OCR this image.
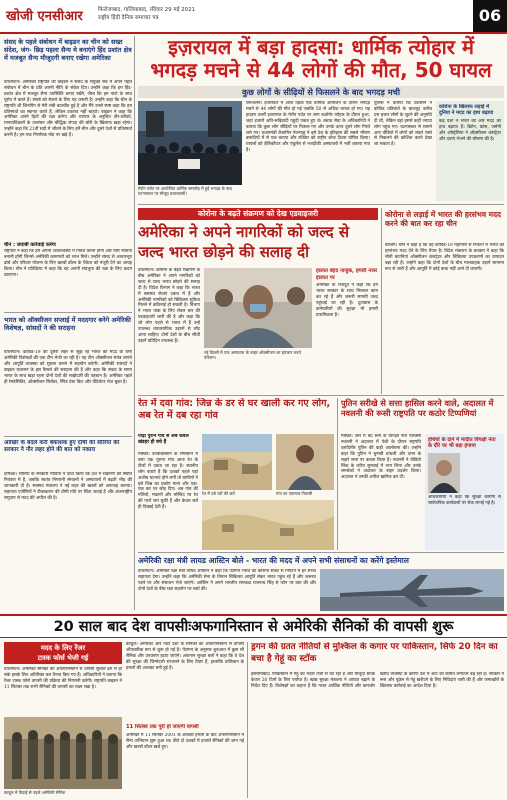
खोजी एनसीआर	फिरोजाबाद, गाजियाबाद, रविवार 29 मई 2021
राष्ट्रीय हिंदी दैनिक समाचार पत्र	06
संसद के पहले संबोधन में बाइडन का चीन को सख्त संदेश, जंग- छिड़ पहला सैन्य मे बनाएंगे हिंद प्रशांत क्षेत्र में मजबूत सैन्य मौजूदगी बनाए रखेगा अमेरिका
वाशिंगटन। अमेरिकी राष्ट्रपति जो बाइडन ने संसद के संयुक्त सत्र में अपने पहले संबोधन में चीन के प्रति अपनी नीति के संकेत दिए। उन्होंने कहा कि हम हिंद-प्रशांत क्षेत्र में मजबूत सैन्य उपस्थिति बनाए रखेंगे, जैसा कि हम नाटो के साथ यूरोप में करते हैं। संघर्ष को रोकने के लिए यह जरूरी है। उन्होंने कहा कि चीन के राष्ट्रपति शी जिनपिंग से मेरी लंबी बातचीत हुई है और मैंने उनसे स्पष्ट कहा कि हम प्रतिस्पर्धा का स्वागत करते हैं, लेकिन टकराव नहीं चाहते। बाइडन ने कहा कि अमेरिका अपने हितों की रक्षा करेगा और व्यापार के अनुचित तौर-तरीकों, मानवाधिकारों के उल्लंघन और बौद्धिक संपदा की चोरी के खिलाफ खड़ा रहेगा। उन्होंने कहा कि 21वीं सदी में जीतने के लिए हमें चीन और दूसरे देशों से प्रतिस्पर्धा करनी है। हम एक निर्णायक मोड़ पर खड़े हैं।
चीन : जवाबी कार्रवाई करेगा
राष्ट्रपति ने कहा कि हमें अपनी अर्थव्यवस्था में निवेश करना होगा और ऐसी नीतियां बनानी होंगी जिनसे अमेरिकी कामगारों को लाभ मिले। उन्होंने संसद से आधारभूत ढांचे और परिवार योजना के लिए खरबों डॉलर के पैकेज को मंजूरी देने का आग्रह किया। चीन ने प्रतिक्रिया में कहा कि वह अपनी संप्रभुता की रक्षा के लिए कदम उठाएगा।
भारत को ऑक्सीजन सप्लाई में मददगार बनेगे अमेरिकी विशेषज्ञ, सांसदों ने की सराहना
वाशिंगटन। कोविड-19 की दूसरी लहर से जूझ रहे भारत की मदद के लिए अमेरिकी विशेषज्ञों की एक टीम भेजी जा रही है। यह टीम ऑक्सीजन संयंत्र लगाने और आपूर्ति व्यवस्था को सुचारु बनाने में सहयोग करेगी। अमेरिकी सांसदों ने बाइडन प्रशासन के इस फैसले की सराहना की है और कहा कि संकट के समय भारत के साथ खड़ा रहना दोनों देशों की साझेदारी की पहचान है। अमेरिका पहले ही रेमडेसिविर, ऑक्सीजन सिलेंडर, रैपिड टेस्ट किट और वेंटिलेटर भेज चुका है।
आखिर के बदले करी बैंकाशक हुए दोषी की सीरिया की सरकार ने नौर लहर होने की बात को नकारा
दमिश्क। सीरिया के सरकारी मीडिया ने दावा किया कि देश में संक्रमण की स्थिति नियंत्रण में है, जबकि स्वतंत्र निगरानी संगठनों ने अस्पतालों में बढ़ती भीड़ की जानकारी दी है। स्वास्थ्य मंत्रालय ने नई लहर की खबरों को अफवाह बताया। सहायता एजेंसियों ने टीकाकरण की धीमी गति पर चिंता जताई है और अंतरराष्ट्रीय समुदाय से मदद की अपील की है।
इज़रायल में बड़ा हादसा: धार्मिक त्योहार में
भगदड़ मचने से 44 लोगों की मौत, 50 घायल
कुछ लोगों के सीढ़ियों से फिसलने के बाद भगदड़ मची
मेरॉन पर्वत पर आयोजित धार्मिक समारोह में हुई भगदड़ के बाद घटनास्थल पर मौजूद बचावकर्मी।
यरूशलम। इजरायल में आज तड़के एक धार्मिक आयोजन के दौरान भगदड़ मचने से 44 लोगों की मौत हो गई जबकि 50 से अधिक घायल हो गए। यह हादसा उत्तरी इजरायल के मेरॉन पर्वत पर लाग बओमेर त्योहार के दौरान हुआ, जहां हजारों अति-रूढ़िवादी यहूदी एकत्र हुए थे। बचाव सेवा के अधिकारियों ने बताया कि कुछ लोग सीढ़ियों पर फिसल गए और उनके ऊपर दूसरे लोग गिरते चले गए। प्रधानमंत्री बेंजामिन नेतन्याहू ने इसे देश के इतिहास की सबसे भीषण त्रासदियों में से एक बताया और रविवार को राष्ट्रीय शोक दिवस घोषित किया। घायलों को हेलिकॉप्टर और एंबुलेंस से नजदीकी अस्पतालों में भर्ती कराया गया है।
पुलिस ने बताया कि प्रशासन ने कोविड प्रतिबंधों के बावजूद करीब दस हजार लोगों के जुटने की अनुमति दी थी, लेकिन वहां इससे कहीं ज्यादा लोग पहुंच गए। घटनास्थल से सामने आए वीडियो में लोगों को संकरे रास्ते से निकलने की कोशिश करते देखा जा सकता है।
कोरोना के खिलाफ लड़ाई में दुनिया ने मदद का हाथ बढ़ाया
कई देशों ने भारत की ओर मदद का हाथ बढ़ाया है। ब्रिटेन, फ्रांस, जर्मनी और ऑस्ट्रेलिया ने ऑक्सीजन कंसंट्रेटर और दवाएं भेजने की घोषणा की है।
कोरोना के बढ़ते संक्रमण को देख एडवाइजरी
अमेरिका ने अपने नागरिकों को जल्द से जल्द भारत छोड़ने की सलाह दी
वाशिंगटन। कोरोना के बढ़ते संक्रमण के बीच अमेरिका ने अपने नागरिकों को जल्द से जल्द भारत छोड़ने की सलाह दी है। विदेश विभाग ने कहा कि भारत में स्वास्थ्य सेवाएं दबाव में हैं और अमेरिकी नागरिकों को चिकित्सा सुविधा मिलने में कठिनाई हो सकती है। विभाग ने भारत यात्रा के लिए लेवल चार की एडवाइजरी जारी की है और कहा कि जो लोग पहले से भारत में हैं उन्हें उपलब्ध व्यावसायिक उड़ानों से लौट आना चाहिए। दोनों देशों के बीच सीधी उड़ानें प्रतिदिन उपलब्ध हैं।
नई दिल्ली में एक अस्पताल के बाहर ऑक्सीजन का इंतजार करते परिजन।
हालात बेहद नाजुक, हमारी नजर हालात पर
अमेरिका के राजदूत ने कहा कि हम भारत सरकार के साथ मिलकर काम कर रहे हैं और जरूरी सामग्री जल्द पहुंचाई जा रही है। दूतावास के कर्मचारियों की सुरक्षा भी हमारी प्राथमिकता है।
कोरोना से लड़ाई में भारत की हरसंभव मदद करने की बात कर रहा चीन
बीजिंग। चीन ने कहा है कि वह कोविड-19 महामारी से निपटने में भारत को हरसंभव मदद देने के लिए तैयार है। विदेश मंत्रालय के प्रवक्ता ने कहा कि चीनी कंपनियां ऑक्सीजन कंसंट्रेटर और चिकित्सा उपकरणों का उत्पादन बढ़ा रही हैं। उन्होंने कहा कि दोनों देशों के बीच मालवाहक उड़ानें सामान्य रूप से जारी हैं और आपूर्ति में कोई बाधा नहीं आने दी जाएगी।
रेत में दवा गांव: जिन्न के डर से घर खाली कर गए लोग, अब रेत में दब रहा गांव
पीढ़ी पुराने गांव से अब केवल खंडहर ही बचे हैं
मॉस्को। उज्बेकिस्तान के रेगिस्तान में बसा एक पुराना गांव आज रेत के टीलों में दबता जा रहा है। स्थानीय लोग बताते हैं कि दशकों पहले यहां अजीब घटनाएं होने लगीं तो ग्रामीणों ने इसे जिन्न का प्रकोप माना और एक-एक कर घर छोड़ दिए। अब गांव की गलियों, मकानों और मस्जिद पर रेत की परतें जम चुकी हैं और केवल छतें ही दिखाई देती हैं।
रेत में दबे घरों की छतें	गांव का एकमात्र निवासी
पुतिन सरीखे से सत्ता हासिल करने वाले, अदालत में नवलनी की रूसी राष्ट्रपति पर कठोर टिप्पणियां
मास्को। जेल में बंद रूस के विपक्षी नेता एलेक्सी नवलनी ने अदालत में पेशी के दौरान राष्ट्रपति व्लादिमीर पुतिन की कड़ी आलोचना की। उन्होंने कहा कि पुतिन ने चुनावी धांधली और दमन के सहारे सत्ता पर कब्जा किया है। नवलनी ने वीडियो लिंक के जरिए सुनवाई में भाग लिया और उनके समर्थकों ने अदालत के बाहर प्रदर्शन किया। अदालत ने उनकी अपील खारिज कर दी।
हथियों के दाने में मादीत विपक्षी नेता के दौरे पर भी बड़ा हंगामा
अधिकारियों ने कहा कि सुरक्षा कारणों से सार्वजनिक कार्यक्रमों पर रोक लगाई गई है।
अमेरिकी रक्षा मंत्री लायड आस्टिन बोले - भारत की मदद में अपने सभी संसाधनों का करेंगे इस्तेमाल
वाशिंगटन। अमेरिकी रक्षा मंत्री लायड आस्टिन ने कहा कि पेंटागन भारत को कोरोना संकट से निपटने में हर संभव सहायता देगा। उन्होंने कहा कि अमेरिकी सेना के विमान चिकित्सा आपूर्ति लेकर भारत पहुंच रहे हैं और जरूरत पड़ने पर और संसाधन भेजे जाएंगे। आस्टिन ने अपने भारतीय समकक्ष राजनाथ सिंह से फोन पर बात की और दोनों देशों के बीच रक्षा सहयोग पर चर्चा की।
20 साल बाद देश वापसीःअफगानिस्तान से अमेरिकी सैनिकों की वापसी शुरू
मदद के लिए रेंजर
टास्क फोर्स भेजी गई
वाशिंगटन। अमेरिकी सैनिकों की अफगानिस्तान से वापसी सुचारु ढंग से हो सके इसके लिए अतिरिक्त बल तैनात किए गए हैं। अधिकारियों ने बताया कि रेंजर टास्क फोर्स वापसी की प्रक्रिया की निगरानी करेगी। राष्ट्रपति बाइडन ने 11 सितंबर तक सभी सैनिकों की वापसी का लक्ष्य रखा है।
काबुल में विदाई से पहले अमेरिकी सैनिक
काबुल। अमेरिका और नाटो देशों के सैनिकों की अफगानिस्तान से वापसी औपचारिक रूप से शुरू हो गई है। पेंटागन के अनुसार शुरुआत में कुछ सौ सैनिक और उपकरण हटाए जाएंगे। अफगान सुरक्षा बलों ने कहा कि वे देश की सुरक्षा की जिम्मेदारी संभालने के लिए तैयार हैं, हालांकि तालिबान के हमलों की आशंका बनी हुई है।
11 सितंबर तक पूरी हो जाएगी वापसी
अमेरिका में 11 सितंबर 2001 के आतंकी हमलों के बाद अफगानिस्तान में सैन्य अभियान शुरू हुआ था। बीते दो दशकों में हजारों सैनिकों की जान गई और खरबों डॉलर खर्च हुए।
ड्रगन की ग्रतत नीतियों से मुश्किल के कगार पर पाकिस्तान, सिर्फ 20 दिन का बचा है गेहूं का स्टॉक
इस्लामाबाद। पाकिस्तान में गेहूं का भंडार तेजी से घट रहा है और मौजूदा स्टॉक केवल 20 दिनों के लिए पर्याप्त है। खाद्य सुरक्षा मंत्रालय ने आयात बढ़ाने के निर्देश दिए हैं। विशेषज्ञों का कहना है कि गलत आर्थिक नीतियों और कमजोर खरीद व्यवस्था के कारण देश में आटे की कीमतें लगातार बढ़ रही हैं। सरकार ने रूस और यूक्रेन से गेहूं खरीदने के लिए निविदाएं जारी की हैं और जमाखोरों के खिलाफ कार्रवाई का आदेश दिया है।
